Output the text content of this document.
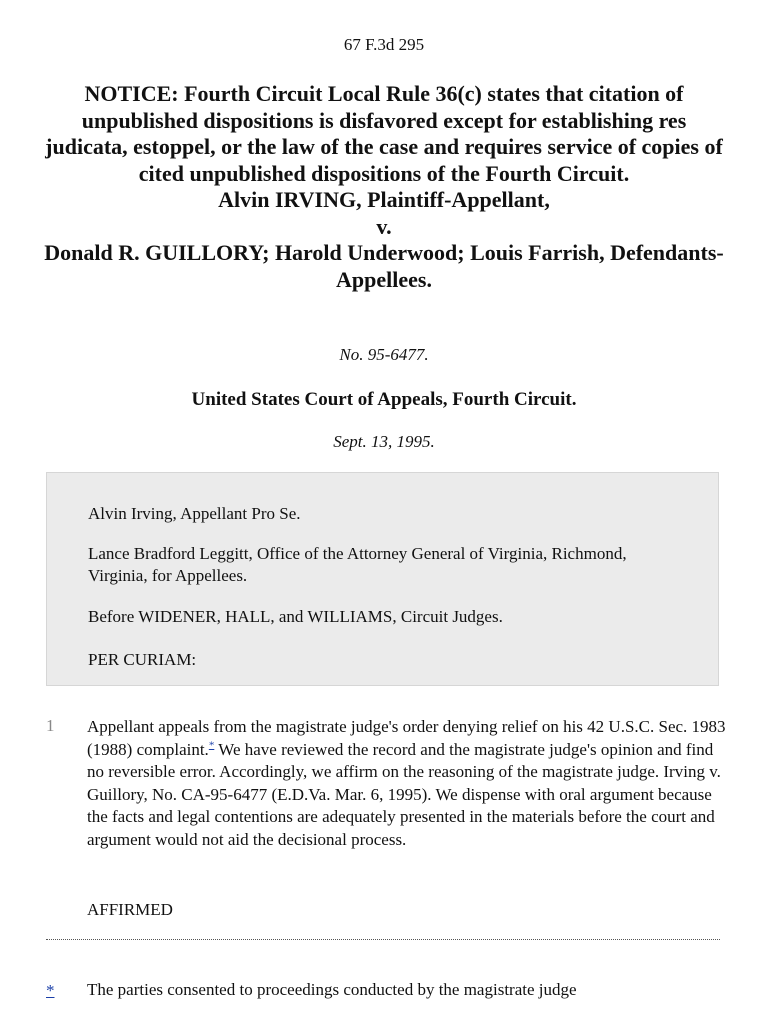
67 F.3d 295
NOTICE: Fourth Circuit Local Rule 36(c) states that citation of unpublished dispositions is disfavored except for establishing res judicata, estoppel, or the law of the case and requires service of copies of cited unpublished dispositions of the Fourth Circuit.
Alvin IRVING, Plaintiff-Appellant,
v.
Donald R. GUILLORY; Harold Underwood; Louis Farrish, Defendants-Appellees.
No. 95-6477.
United States Court of Appeals, Fourth Circuit.
Sept. 13, 1995.

Alvin Irving, Appellant Pro Se.

Lance Bradford Leggitt, Office of the Attorney General of Virginia, Richmond, Virginia, for Appellees.

Before WIDENER, HALL, and WILLIAMS, Circuit Judges.

PER CURIAM:

1 Appellant appeals from the magistrate judge's order denying relief on his 42 U.S.C. Sec. 1983 (1988) complaint.* We have reviewed the record and the magistrate judge's opinion and find no reversible error. Accordingly, we affirm on the reasoning of the magistrate judge. Irving v. Guillory, No. CA-95-6477 (E.D.Va. Mar. 6, 1995). We dispense with oral argument because the facts and legal contentions are adequately presented in the materials before the court and argument would not aid the decisional process.
AFFIRMED
* The parties consented to proceedings conducted by the magistrate judge
